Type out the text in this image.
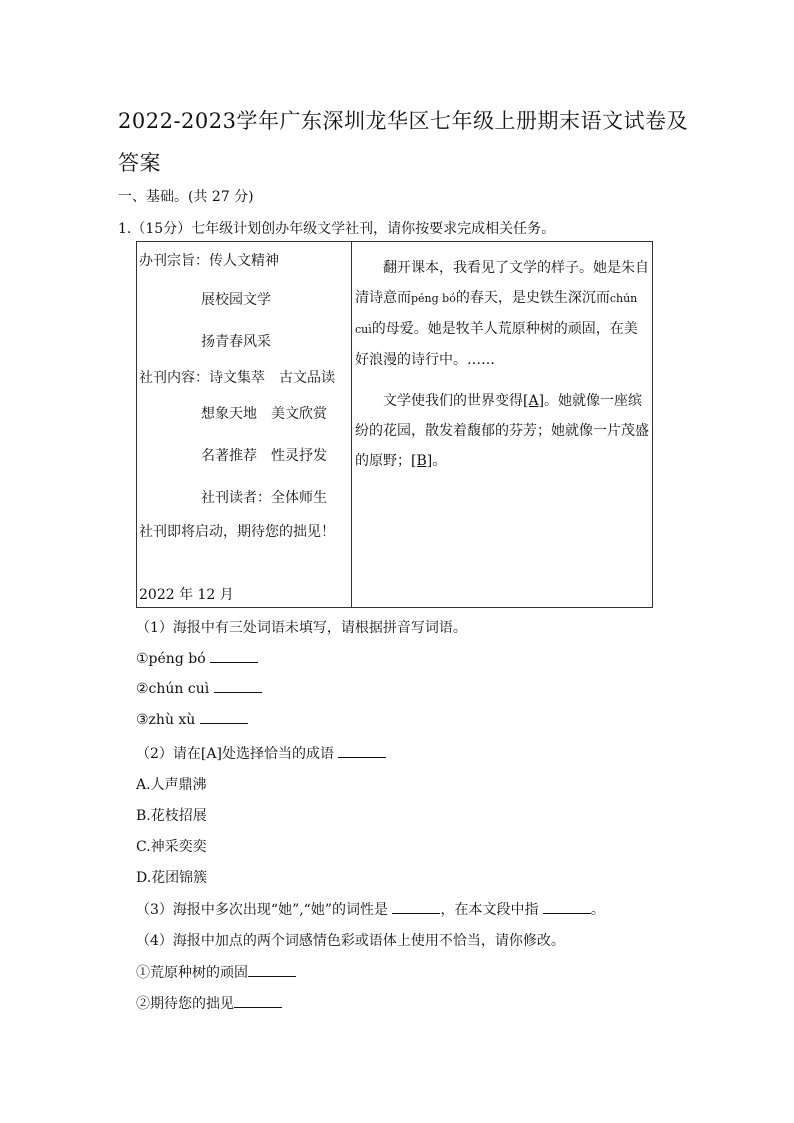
2022-2023学年广东深圳龙华区七年级上册期末语文试卷及答案
一、基础。(共 27 分)
1.（15分）七年级计划创办年级文学社刊，请你按要求完成相关任务。
办刊宗旨：传人文精神
展校园文学
扬青春风采
社刊内容：诗文集萃　古文品读
想象天地　美文欣赏
名著推荐　性灵抒发
社刊读者：全体师生
社刊即将启动，期待您的拙见！
2022 年 12 月

翻开课本，我看见了文学的样子。她是朱自清诗意而péng bó的春天，是史铁生深沉而chún cuì的母爱。她是牧羊人荒原种树的顽固，在美好浪漫的诗行中。……

文学使我们的世界变得[A]。她就像一座缤纷的花园，散发着馥郁的芬芳；她就像一片茂盛的原野；[B]。

（1）海报中有三处词语未填写，请根据拼音写词语。
①péng bó
②chún cuì
③zhù xù
（2）请在[A]处选择恰当的成语
A.人声鼎沸
B.花枝招展
C.神采奕奕
D.花团锦簇
（3）海报中多次出现“她”,“她”的词性是	，在本文段中指	。
（4）海报中加点的两个词感情色彩或语体上使用不恰当，请你修改。
①荒原种树的顽固
②期待您的拙见
